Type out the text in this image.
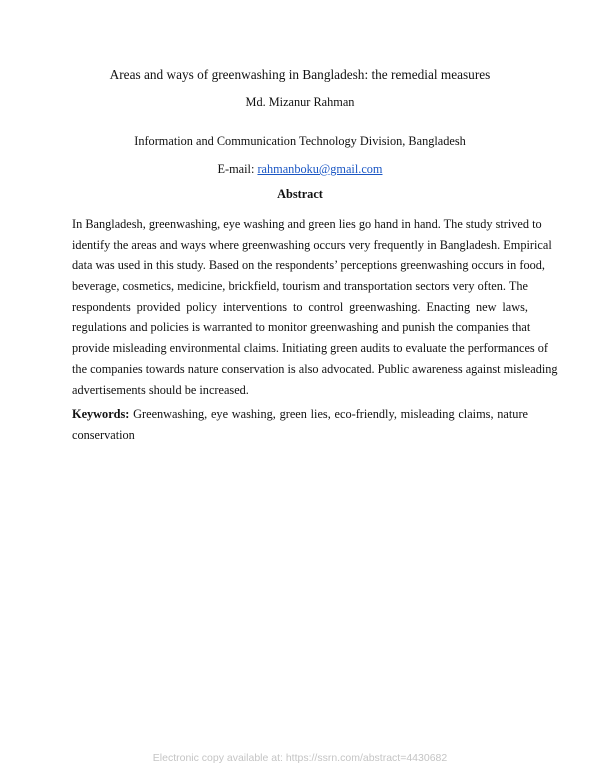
Areas and ways of greenwashing in Bangladesh: the remedial measures
Md. Mizanur Rahman
Information and Communication Technology Division, Bangladesh
E-mail: rahmanboku@gmail.com
Abstract
In Bangladesh, greenwashing, eye washing and green lies go hand in hand. The study strived to
identify the areas and ways where greenwashing occurs very frequently in Bangladesh. Empirical
data was used in this study. Based on the respondents’ perceptions greenwashing occurs in food,
beverage, cosmetics, medicine, brickfield, tourism and transportation sectors very often. The
respondents provided policy interventions to control greenwashing. Enacting new laws,
regulations and policies is warranted to monitor greenwashing and punish the companies that
provide misleading environmental claims. Initiating green audits to evaluate the performances of
the companies towards nature conservation is also advocated. Public awareness against misleading
advertisements should be increased.
Keywords: Greenwashing, eye washing, green lies, eco-friendly, misleading claims, nature
conservation
Electronic copy available at: https://ssrn.com/abstract=4430682
